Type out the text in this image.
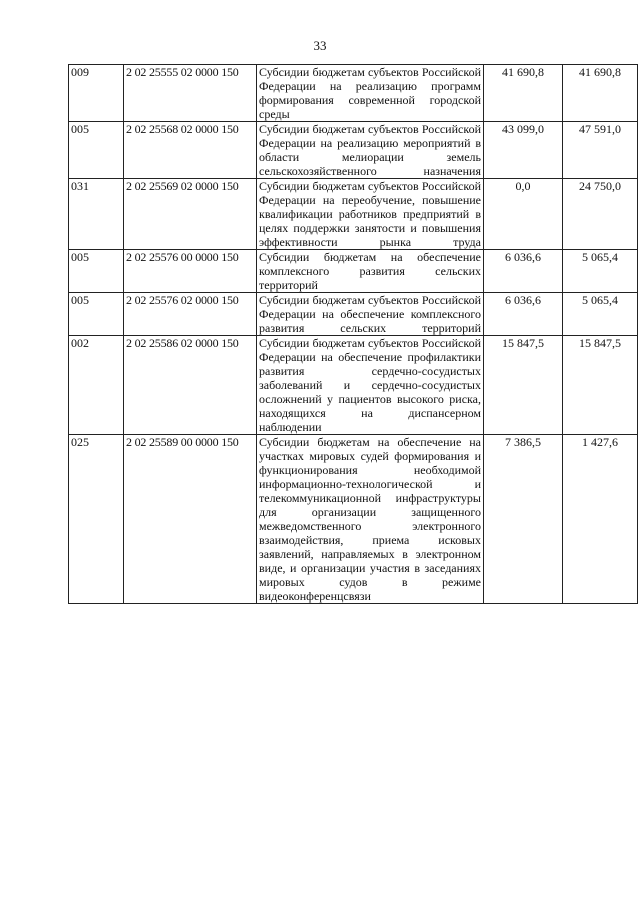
33
009	2 02 25555 02 0000 150	Субсидии бюджетам субъектов Российской Федерации на реализацию программ формирования современной городской среды	41 690,8	41 690,8
005	2 02 25568 02 0000 150	Субсидии бюджетам субъектов Российской Федерации на реализацию мероприятий в области мелиорации земель сельскохозяйственного назначения	43 099,0	47 591,0
031	2 02 25569 02 0000 150	Субсидии бюджетам субъектов Российской Федерации на переобучение, повышение квалификации работников предприятий в целях поддержки занятости и повышения эффективности рынка труда	0,0	24 750,0
005	2 02 25576 00 0000 150	Субсидии бюджетам на обеспечение комплексного развития сельских территорий	6 036,6	5 065,4
005	2 02 25576 02 0000 150	Субсидии бюджетам субъектов Российской Федерации на обеспечение комплексного развития сельских территорий	6 036,6	5 065,4
002	2 02 25586 02 0000 150	Субсидии бюджетам субъектов Российской Федерации на обеспечение профилактики развития сердечно-сосудистых заболеваний и сердечно-сосудистых осложнений у пациентов высокого риска, находящихся на диспансерном наблюдении	15 847,5	15 847,5
025	2 02 25589 00 0000 150	Субсидии бюджетам на обеспечение на участках мировых судей формирования и функционирования необходимой информационно-технологической и телекоммуникационной инфраструктуры для организации защищенного межведомственного электронного взаимодействия, приема исковых заявлений, направляемых в электронном виде, и организации участия в заседаниях мировых судов в режиме видеоконференцсвязи	7 386,5	1 427,6
